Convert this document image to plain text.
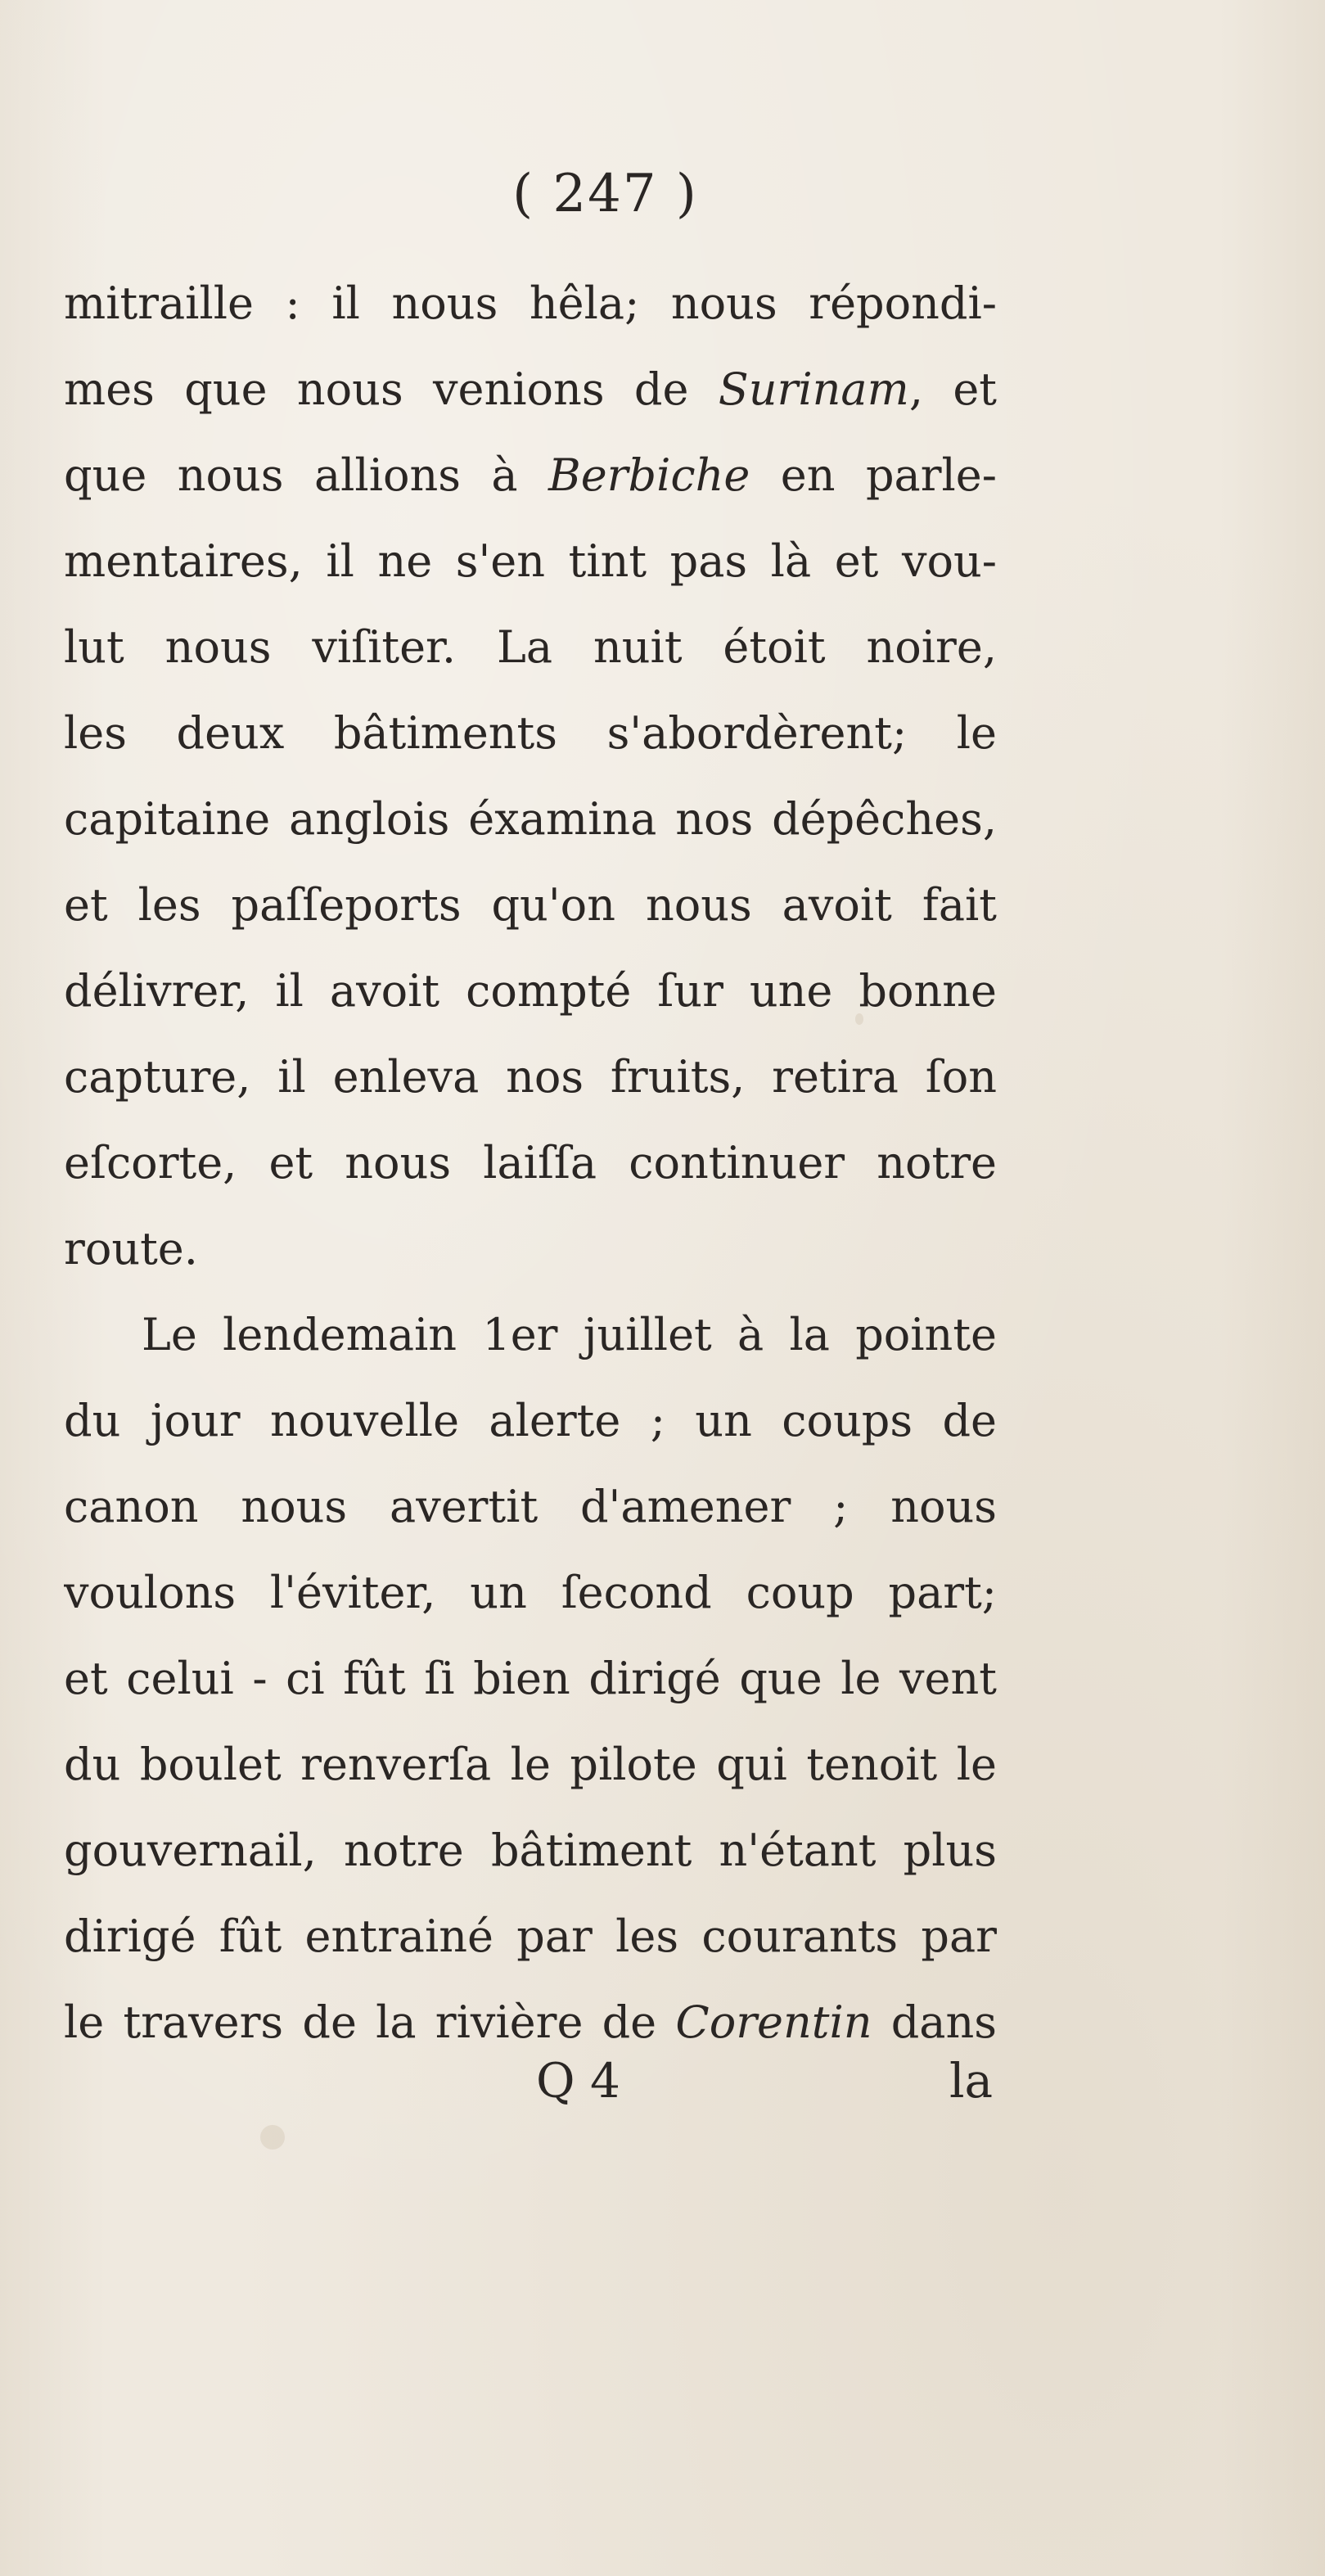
( 247 )
mitraille : il nous hêla; nous répondi-
mes que nous venions de Surinam, et
que nous allions à Berbiche en parle-
mentaires, il ne s'en tint pas là et vou-
lut nous viſiter. La nuit étoit noire,
les deux bâtiments s'abordèrent; le
capitaine anglois éxamina nos dépêches,
et les paſſeports qu'on nous avoit fait
délivrer, il avoit compté ſur une bonne
capture, il enleva nos fruits, retira ſon
eſcorte, et nous laiſſa continuer notre
route.
Le lendemain 1er juillet à la pointe
du jour nouvelle alerte ; un coups de
canon nous avertit d'amener ; nous
voulons l'éviter, un ſecond coup part;
et celui - ci fût ſi bien dirigé que le vent
du boulet renverſa le pilote qui tenoit le
gouvernail, notre bâtiment n'étant plus
dirigé fût entrainé par les courants par
le travers de la rivière de Corentin dans
Q 4	la
